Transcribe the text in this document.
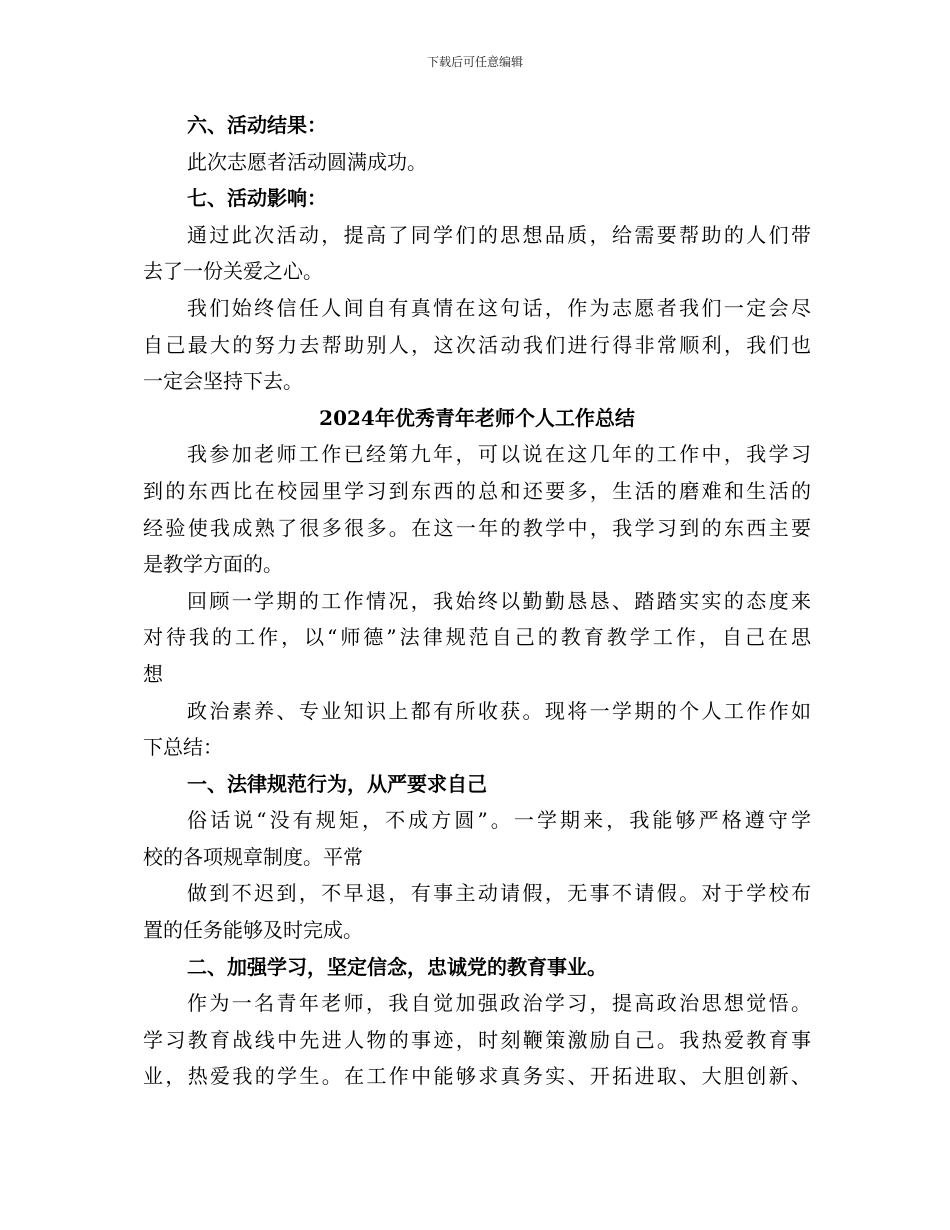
下载后可任意编辑
六、活动结果：
此次志愿者活动圆满成功。
七、活动影响：
通过此次活动，提高了同学们的思想品质，给需要帮助的人们带
去了一份关爱之心。
我们始终信任人间自有真情在这句话，作为志愿者我们一定会尽
自己最大的努力去帮助别人，这次活动我们进行得非常顺利，我们也
一定会坚持下去。
2024年优秀青年老师个人工作总结
我参加老师工作已经第九年，可以说在这几年的工作中，我学习
到的东西比在校园里学习到东西的总和还要多，生活的磨难和生活的
经验使我成熟了很多很多。在这一年的教学中，我学习到的东西主要
是教学方面的。
回顾一学期的工作情况，我始终以勤勤恳恳、踏踏实实的态度来
对待我的工作，以“师德”法律规范自己的教育教学工作，自己在思
想
政治素养、专业知识上都有所收获。现将一学期的个人工作作如
下总结：
一、法律规范行为，从严要求自己
俗话说“没有规矩，不成方圆”。一学期来，我能够严格遵守学
校的各项规章制度。平常
做到不迟到，不早退，有事主动请假，无事不请假。对于学校布
置的任务能够及时完成。
二、加强学习，坚定信念，忠诚党的教育事业。
作为一名青年老师，我自觉加强政治学习，提高政治思想觉悟。
学习教育战线中先进人物的事迹，时刻鞭策激励自己。我热爱教育事
业，热爱我的学生。在工作中能够求真务实、开拓进取、大胆创新、
